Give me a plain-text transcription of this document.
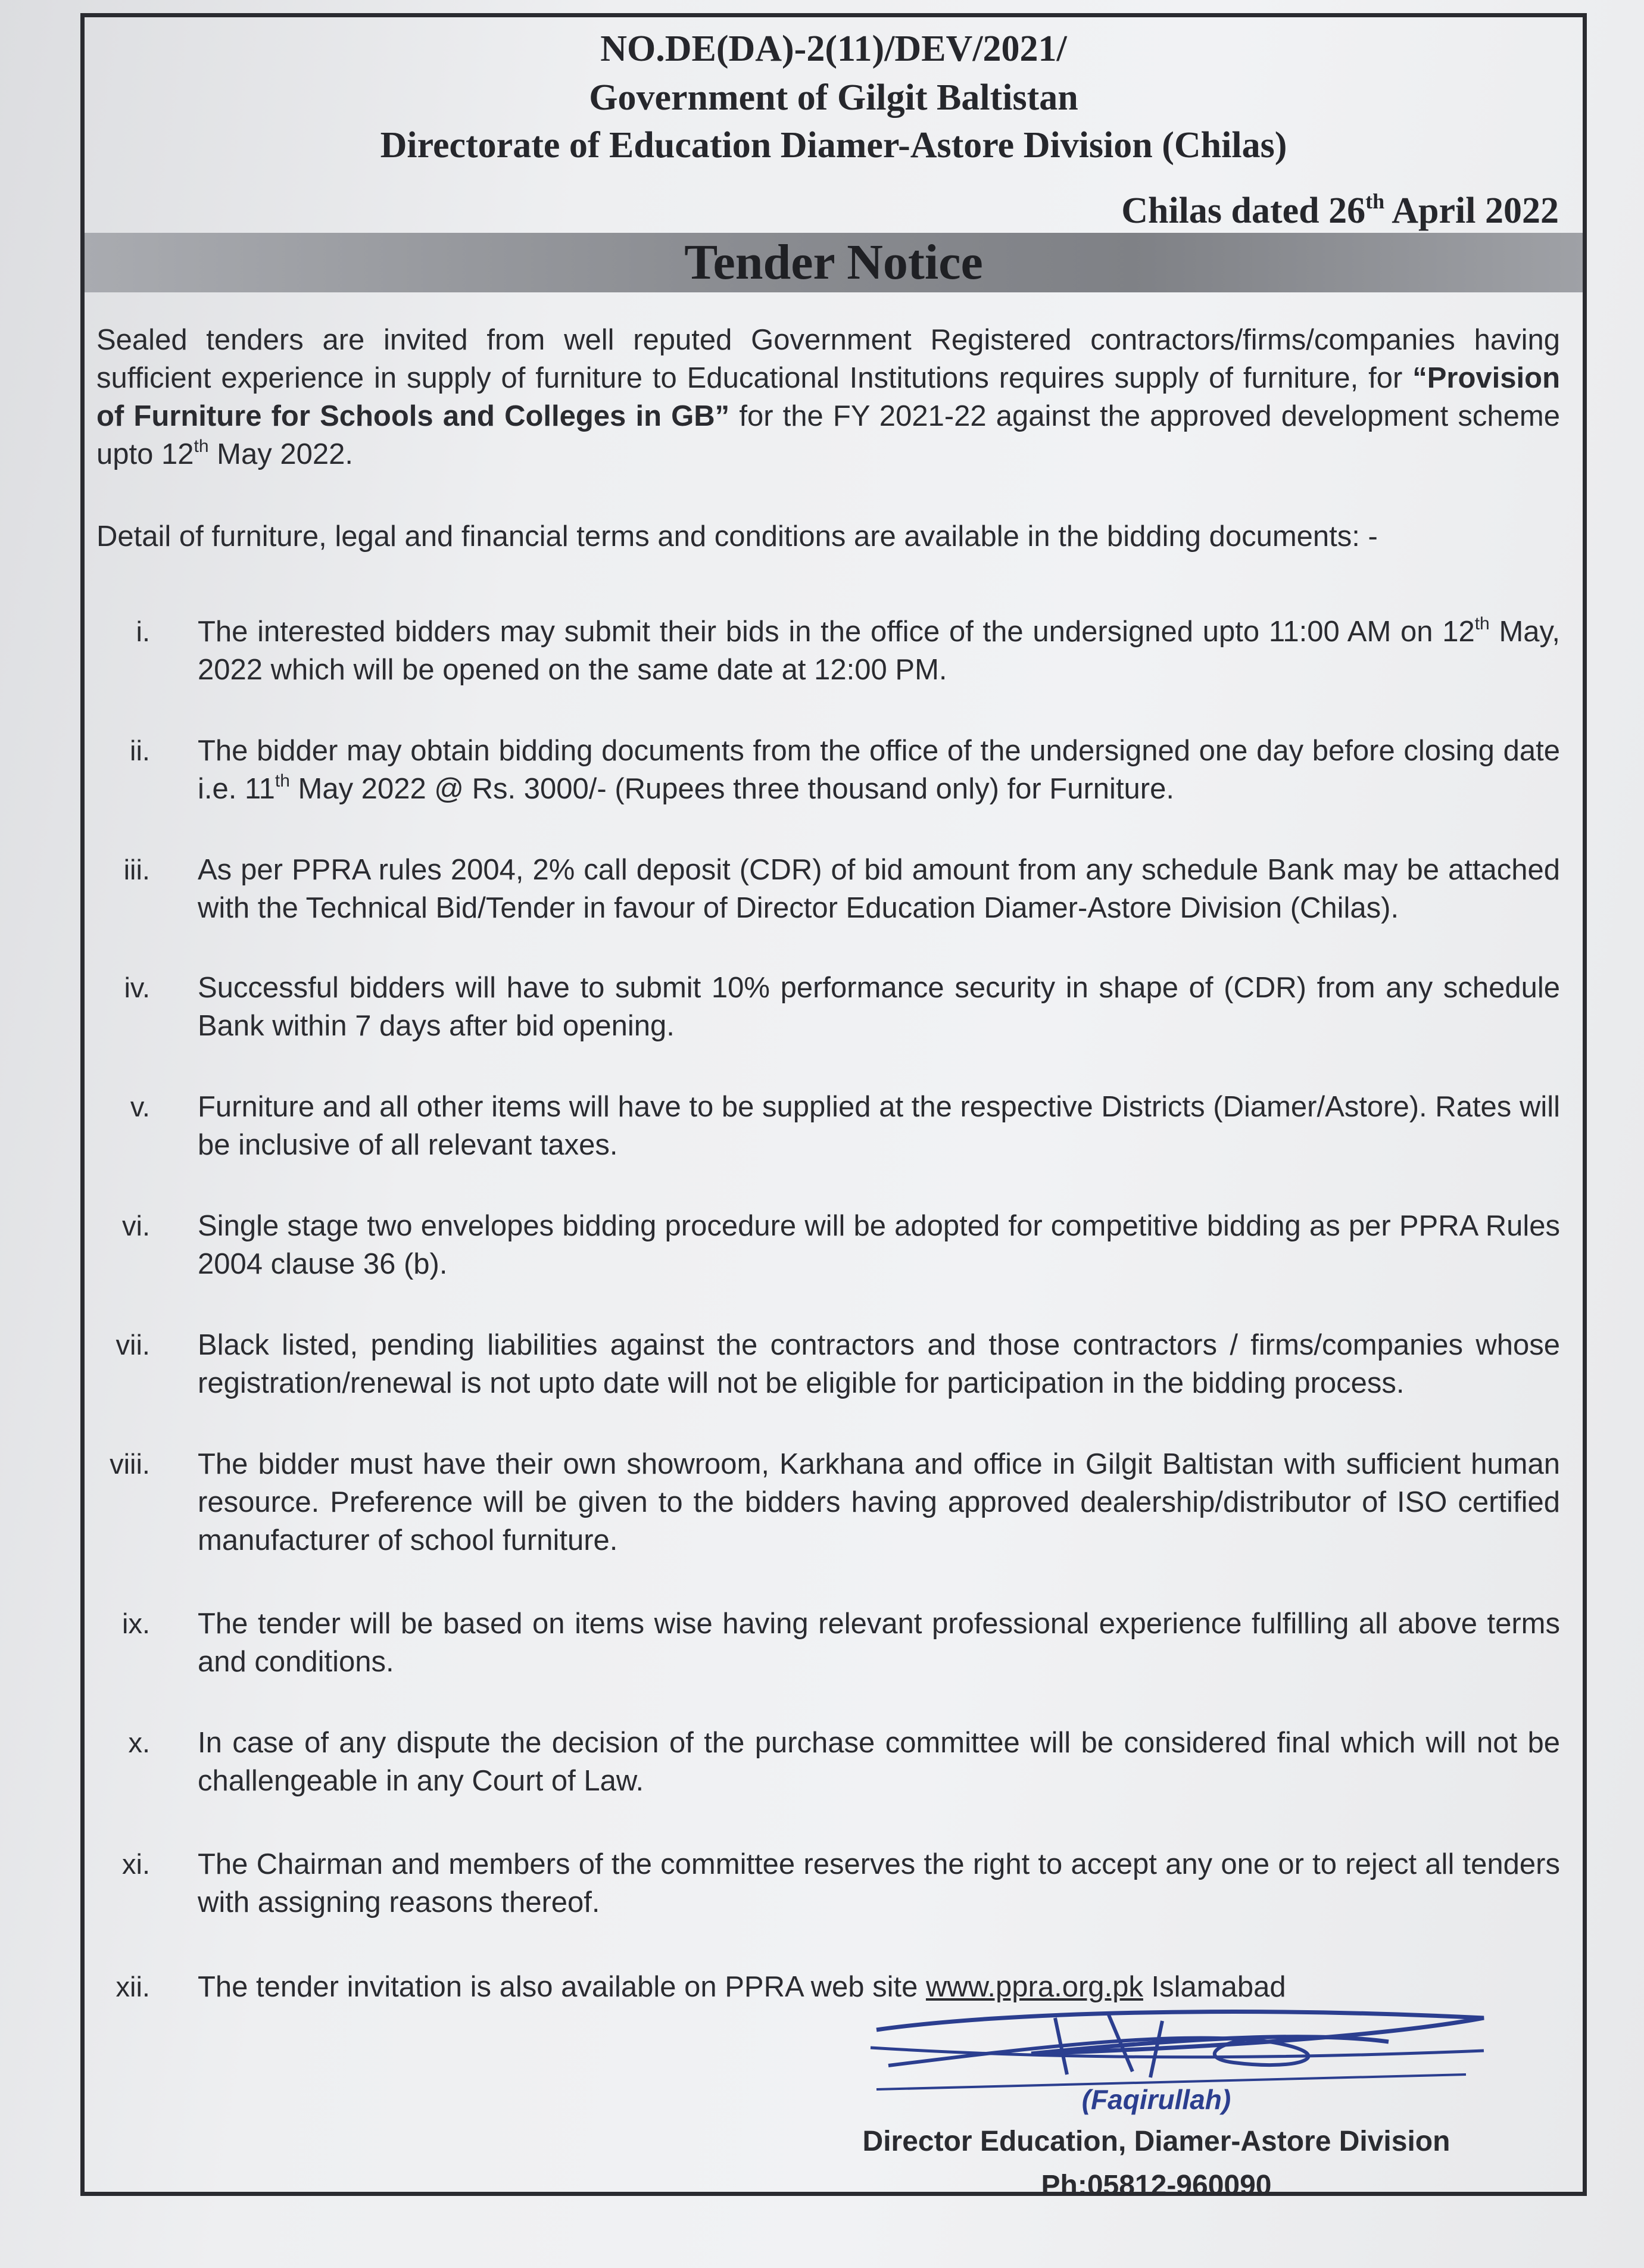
NO.DE(DA)-2(11)/DEV/2021/
Government of Gilgit Baltistan
Directorate of Education Diamer-Astore Division (Chilas)
Chilas dated 26th April 2022
Tender Notice
Sealed tenders are invited from well reputed Government Registered contractors/firms/companies having sufficient experience in supply of furniture to Educational Institutions requires supply of furniture, for “Provision of Furniture for Schools and Colleges in GB” for the FY 2021-22 against the approved development scheme upto 12th May 2022.
Detail of furniture, legal and financial terms and conditions are available in the bidding documents: -
i. The interested bidders may submit their bids in the office of the undersigned upto 11:00 AM on 12th May, 2022 which will be opened on the same date at 12:00 PM.
ii. The bidder may obtain bidding documents from the office of the undersigned one day before closing date i.e. 11th May 2022 @ Rs. 3000/- (Rupees three thousand only) for Furniture.
iii. As per PPRA rules 2004, 2% call deposit (CDR) of bid amount from any schedule Bank may be attached with the Technical Bid/Tender in favour of Director Education Diamer-Astore Division (Chilas).
iv. Successful bidders will have to submit 10% performance security in shape of (CDR) from any schedule Bank within 7 days after bid opening.
v. Furniture and all other items will have to be supplied at the respective Districts (Diamer/Astore). Rates will be inclusive of all relevant taxes.
vi. Single stage two envelopes bidding procedure will be adopted for competitive bidding as per PPRA Rules 2004 clause 36 (b).
vii. Black listed, pending liabilities against the contractors and those contractors / firms/companies whose registration/renewal is not upto date will not be eligible for participation in the bidding process.
viii. The bidder must have their own showroom, Karkhana and office in Gilgit Baltistan with sufficient human resource. Preference will be given to the bidders having approved dealership/distributor of ISO certified manufacturer of school furniture.
ix. The tender will be based on items wise having relevant professional experience fulfilling all above terms and conditions.
x. In case of any dispute the decision of the purchase committee will be considered final which will not be challengeable in any Court of Law.
xi. The Chairman and members of the committee reserves the right to accept any one or to reject all tenders with assigning reasons thereof.
xii. The tender invitation is also available on PPRA web site www.ppra.org.pk Islamabad
(Faqirullah)
Director Education, Diamer-Astore Division
Ph:05812-960090
